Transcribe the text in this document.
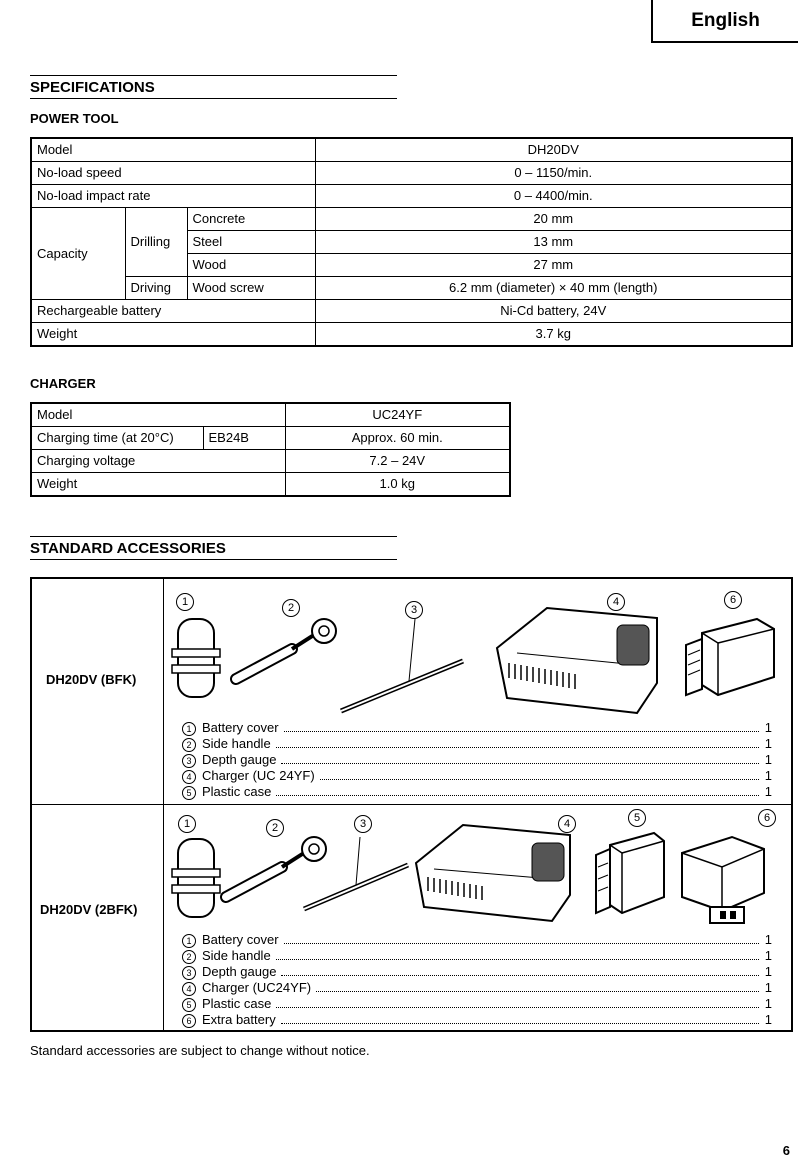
English
SPECIFICATIONS
POWER TOOL
Model			DH20DV
No-load speed			0 – 1150/min.
No-load impact rate			0 – 4400/min.
Capacity	Drilling	Concrete	20 mm
		Steel	13 mm
		Wood	27 mm
	Driving	Wood screw	6.2 mm (diameter) × 40 mm (length)
Rechargeable battery			Ni-Cd battery, 24V
Weight			3.7 kg
CHARGER
Model		UC24YF
Charging time (at 20°C)	EB24B	Approx. 60 min.
Charging voltage		7.2 – 24V
Weight		1.0 kg
STANDARD ACCESSORIES
DH20DV (BFK)
1	2	3
4	6
1 Battery cover	1
2 Side handle	1
3 Depth gauge	1
4 Charger (UC 24YF)	1
5 Plastic case	1
DH20DV (2BFK)
1	2	3	4	5	6
1 Battery cover	1
2 Side handle	1
3 Depth gauge	1
4 Charger (UC24YF)	1
5 Plastic case	1
6 Extra battery	1
Standard accessories are subject to change without notice.
6
